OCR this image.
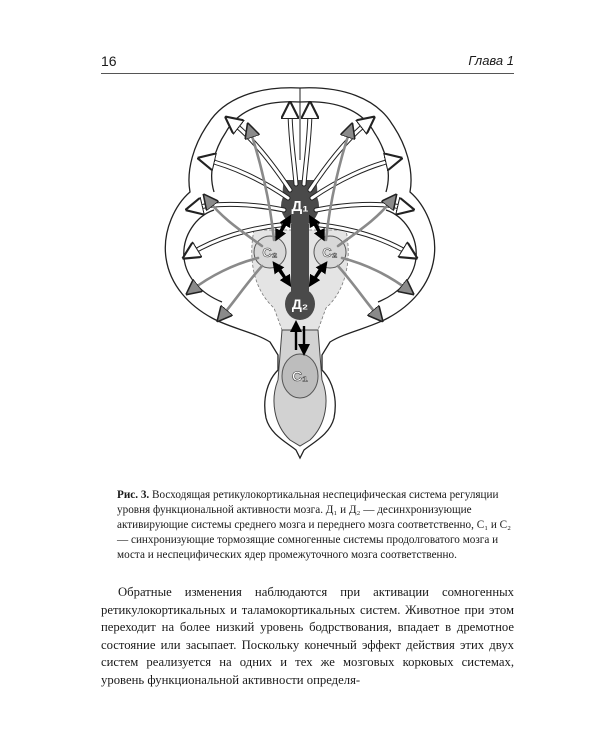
16	Глава 1
Д₁
Д₂
С₂	С₂
С₁
Рис. 3. Восходящая ретикулокортикальная неспецифическая система регуляции уровня функциональной активности мозга. Д₁ и Д₂ — десинхронизующие активирующие системы среднего мозга и переднего мозга соответственно, С₁ и С₂ — синхронизующие тормозящие сомногенные системы продолговатого мозга и моста и неспецифических ядер промежуточного мозга соответственно.

Обратные изменения наблюдаются при активации сомногенных ретикулокортикальных и таламокортикальных систем. Животное при этом переходит на более низкий уровень бодрствования, впадает в дремотное состояние или засыпает. Поскольку конечный эффект действия этих двух систем реализуется на одних и тех же мозговых корковых системах, уровень функциональной активности определя-
